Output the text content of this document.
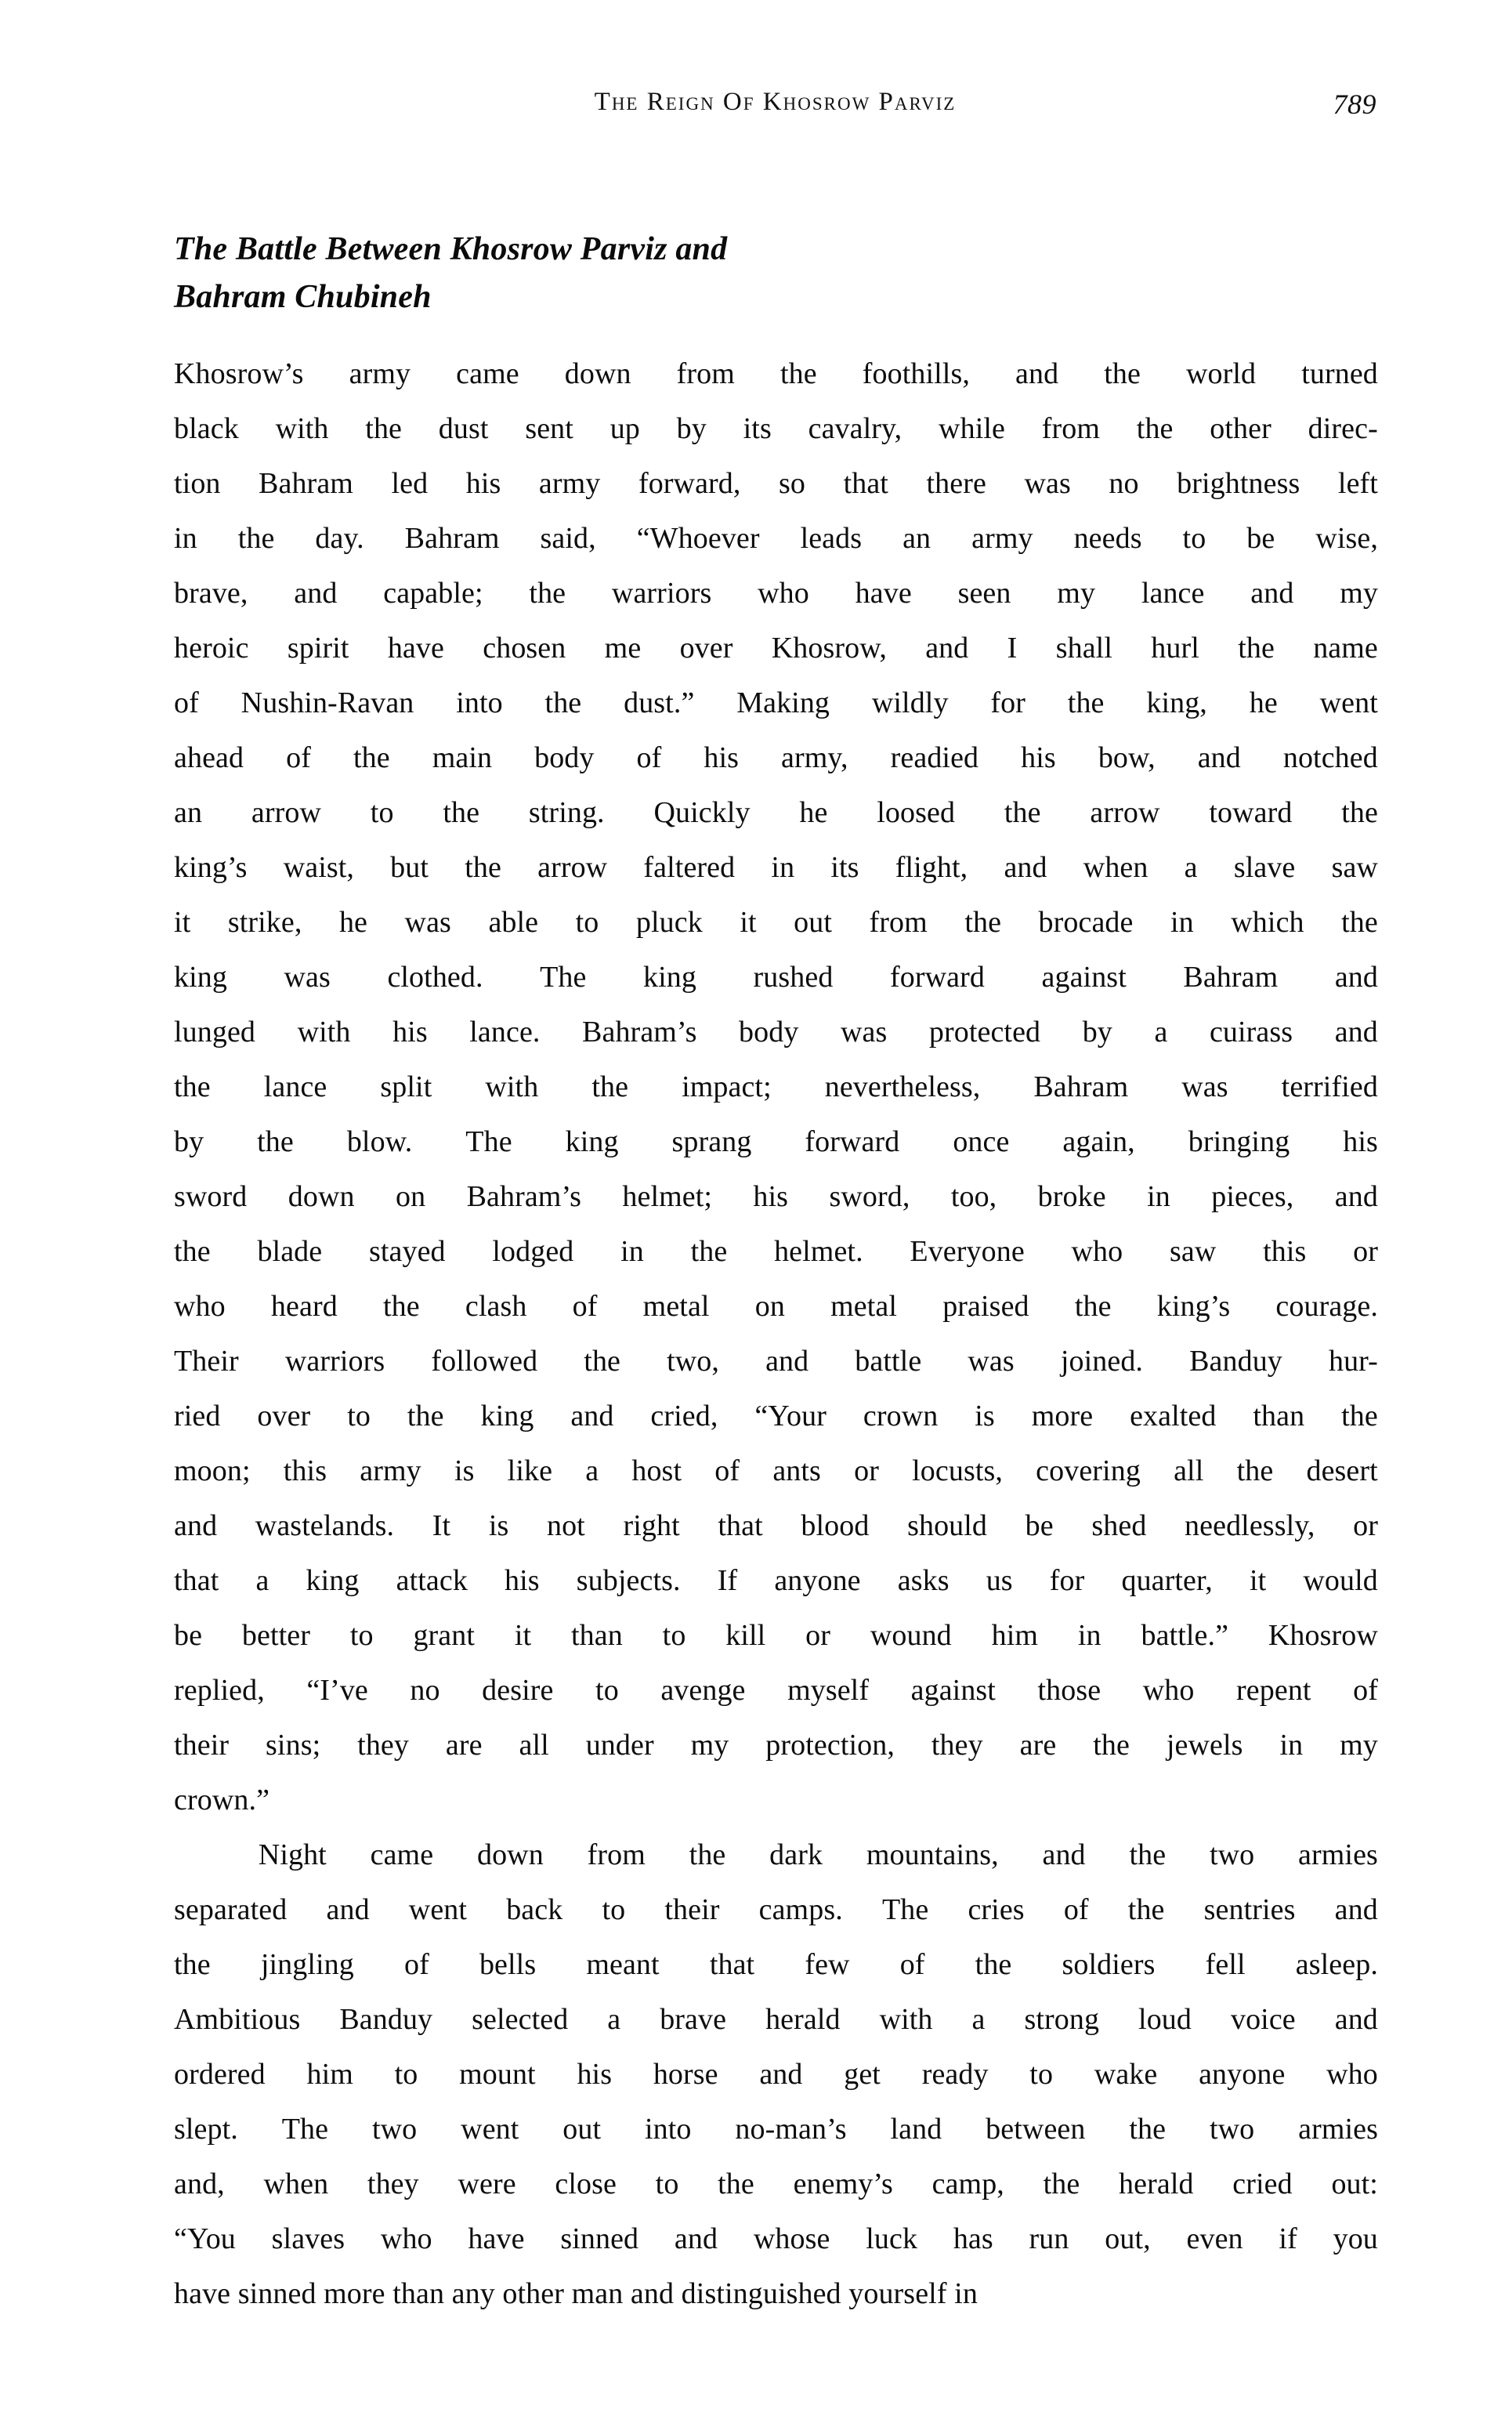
The Reign Of Khosrow Parviz	789
The Battle Between Khosrow Parviz and
Bahram Chubineh
Khosrow’s army came down from the foothills, and the world turned
black with the dust sent up by its cavalry, while from the other direc-
tion Bahram led his army forward, so that there was no brightness left
in the day. Bahram said, “Whoever leads an army needs to be wise,
brave, and capable; the warriors who have seen my lance and my
heroic spirit have chosen me over Khosrow, and I shall hurl the name
of Nushin-Ravan into the dust.” Making wildly for the king, he went
ahead of the main body of his army, readied his bow, and notched
an arrow to the string. Quickly he loosed the arrow toward the
king’s waist, but the arrow faltered in its flight, and when a slave saw
it strike, he was able to pluck it out from the brocade in which the
king was clothed. The king rushed forward against Bahram and
lunged with his lance. Bahram’s body was protected by a cuirass and
the lance split with the impact; nevertheless, Bahram was terrified
by the blow. The king sprang forward once again, bringing his
sword down on Bahram’s helmet; his sword, too, broke in pieces, and
the blade stayed lodged in the helmet. Everyone who saw this or
who heard the clash of metal on metal praised the king’s courage.
Their warriors followed the two, and battle was joined. Banduy hur-
ried over to the king and cried, “Your crown is more exalted than the
moon; this army is like a host of ants or locusts, covering all the desert
and wastelands. It is not right that blood should be shed needlessly, or
that a king attack his subjects. If anyone asks us for quarter, it would
be better to grant it than to kill or wound him in battle.” Khosrow
replied, “I’ve no desire to avenge myself against those who repent of
their sins; they are all under my protection, they are the jewels in my
crown.”
Night came down from the dark mountains, and the two armies
separated and went back to their camps. The cries of the sentries and
the jingling of bells meant that few of the soldiers fell asleep.
Ambitious Banduy selected a brave herald with a strong loud voice and
ordered him to mount his horse and get ready to wake anyone who
slept. The two went out into no-man’s land between the two armies
and, when they were close to the enemy’s camp, the herald cried out:
“You slaves who have sinned and whose luck has run out, even if you
have sinned more than any other man and distinguished yourself in
